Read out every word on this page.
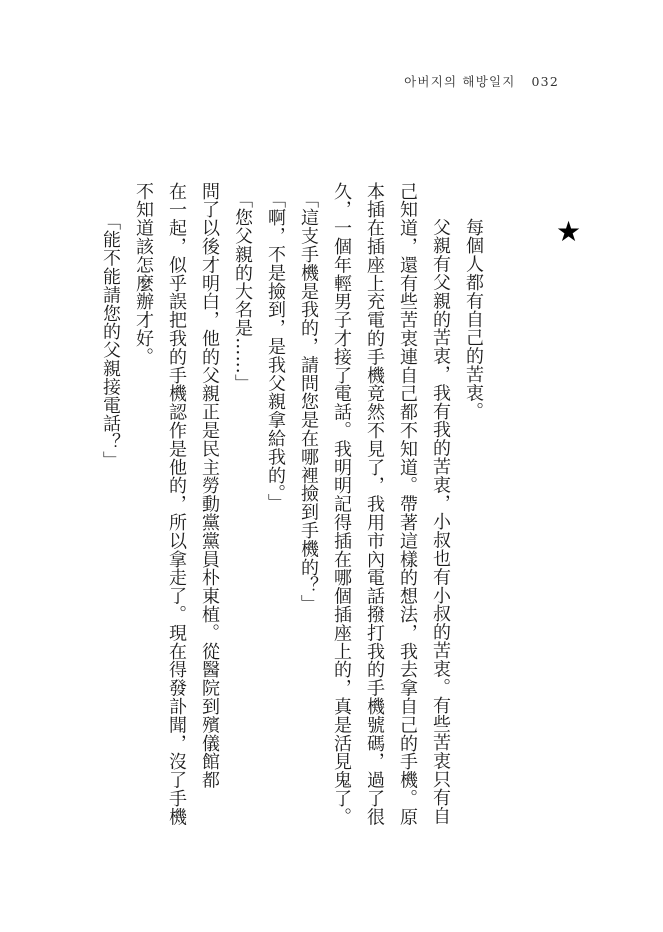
아버지의 해방일지 032
★
每個人都有自己的苦衷。
父親有父親的苦衷，我有我的苦衷，小叔也有小叔的苦衷。有些苦衷只有自
己知道，還有些苦衷連自己都不知道。帶著這樣的想法，我去拿自己的手機。原
本插在插座上充電的手機竟然不見了，我用市內電話撥打我的手機號碼，過了很
久，一個年輕男子才接了電話。我明明記得插在哪個插座上的，真是活見鬼了。
「這支手機是我的，請問您是在哪裡撿到手機的？」
「啊，不是撿到，是我父親拿給我的。」
「您父親的大名是……」
問了以後才明白，他的父親正是民主勞動黨黨員朴東植。從醫院到殯儀館都
在一起，似乎誤把我的手機認作是他的，所以拿走了。現在得發訃聞，沒了手機
不知道該怎麼辦才好。
「能不能請您的父親接電話？」
